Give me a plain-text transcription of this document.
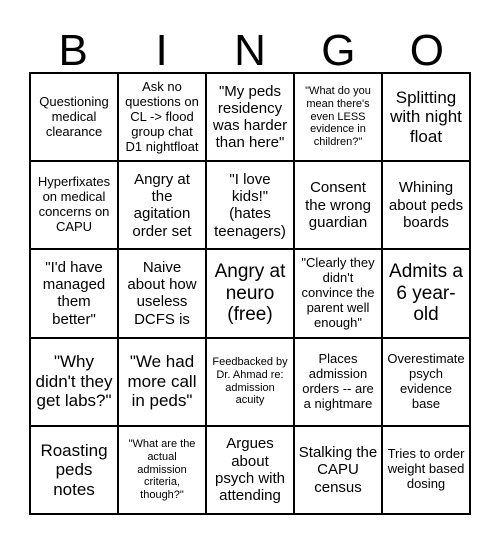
B	I	N	G	O
Questioning medical clearance
Ask no questions on CL -> flood group chat D1 nightfloat
"My peds residency was harder than here"
"What do you mean there's even LESS evidence in children?"
Splitting with night float
Hyperfixates on medical concerns on CAPU
Angry at the agitation order set
"I love kids!" (hates teenagers)
Consent the wrong guardian
Whining about peds boards
"I'd have managed them better"
Naive about how useless DCFS is
Angry at neuro (free)
"Clearly they didn't convince the parent well enough"
Admits a 6 year-old
"Why didn't they get labs?"
"We had more call in peds"
Feedbacked by Dr. Ahmad re: admission acuity
Places admission orders -- are a nightmare
Overestimate psych evidence base
Roasting peds notes
"What are the actual admission criteria, though?"
Argues about psych with attending
Stalking the CAPU census
Tries to order weight based dosing
